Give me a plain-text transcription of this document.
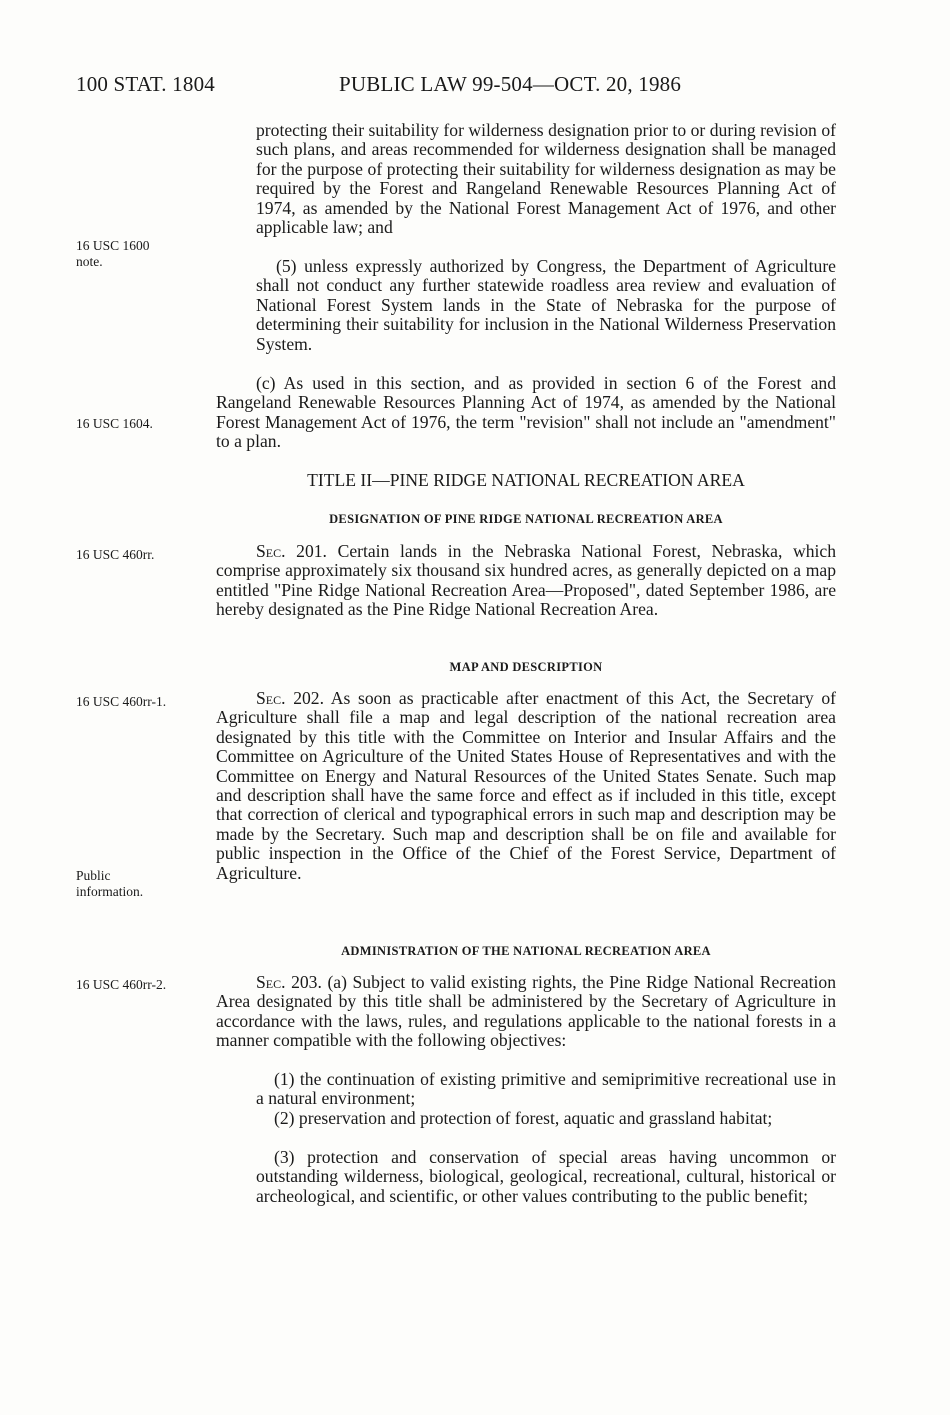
100 STAT. 1804	PUBLIC LAW 99-504—OCT. 20, 1986
16 USC 1600 note.
16 USC 1604.
16 USC 460rr.
16 USC 460rr-1.
Public information.
16 USC 460rr-2.
protecting their suitability for wilderness designation prior to or during revision of such plans, and areas recommended for wilderness designation shall be managed for the purpose of protecting their suitability for wilderness designation as may be required by the Forest and Rangeland Renewable Resources Planning Act of 1974, as amended by the National Forest Management Act of 1976, and other applicable law; and
(5) unless expressly authorized by Congress, the Department of Agriculture shall not conduct any further statewide roadless area review and evaluation of National Forest System lands in the State of Nebraska for the purpose of determining their suitability for inclusion in the National Wilderness Preservation System.
(c) As used in this section, and as provided in section 6 of the Forest and Rangeland Renewable Resources Planning Act of 1974, as amended by the National Forest Management Act of 1976, the term "revision" shall not include an "amendment" to a plan.
TITLE II—PINE RIDGE NATIONAL RECREATION AREA
DESIGNATION OF PINE RIDGE NATIONAL RECREATION AREA
Sec. 201. Certain lands in the Nebraska National Forest, Nebraska, which comprise approximately six thousand six hundred acres, as generally depicted on a map entitled "Pine Ridge National Recreation Area—Proposed", dated September 1986, are hereby designated as the Pine Ridge National Recreation Area.
MAP AND DESCRIPTION
Sec. 202. As soon as practicable after enactment of this Act, the Secretary of Agriculture shall file a map and legal description of the national recreation area designated by this title with the Committee on Interior and Insular Affairs and the Committee on Agriculture of the United States House of Representatives and with the Committee on Energy and Natural Resources of the United States Senate. Such map and description shall have the same force and effect as if included in this title, except that correction of clerical and typographical errors in such map and description may be made by the Secretary. Such map and description shall be on file and available for public inspection in the Office of the Chief of the Forest Service, Department of Agriculture.
ADMINISTRATION OF THE NATIONAL RECREATION AREA
Sec. 203. (a) Subject to valid existing rights, the Pine Ridge National Recreation Area designated by this title shall be administered by the Secretary of Agriculture in accordance with the laws, rules, and regulations applicable to the national forests in a manner compatible with the following objectives:
(1) the continuation of existing primitive and semiprimitive recreational use in a natural environment;
(2) preservation and protection of forest, aquatic and grassland habitat;
(3) protection and conservation of special areas having uncommon or outstanding wilderness, biological, geological, recreational, cultural, historical or archeological, and scientific, or other values contributing to the public benefit;
